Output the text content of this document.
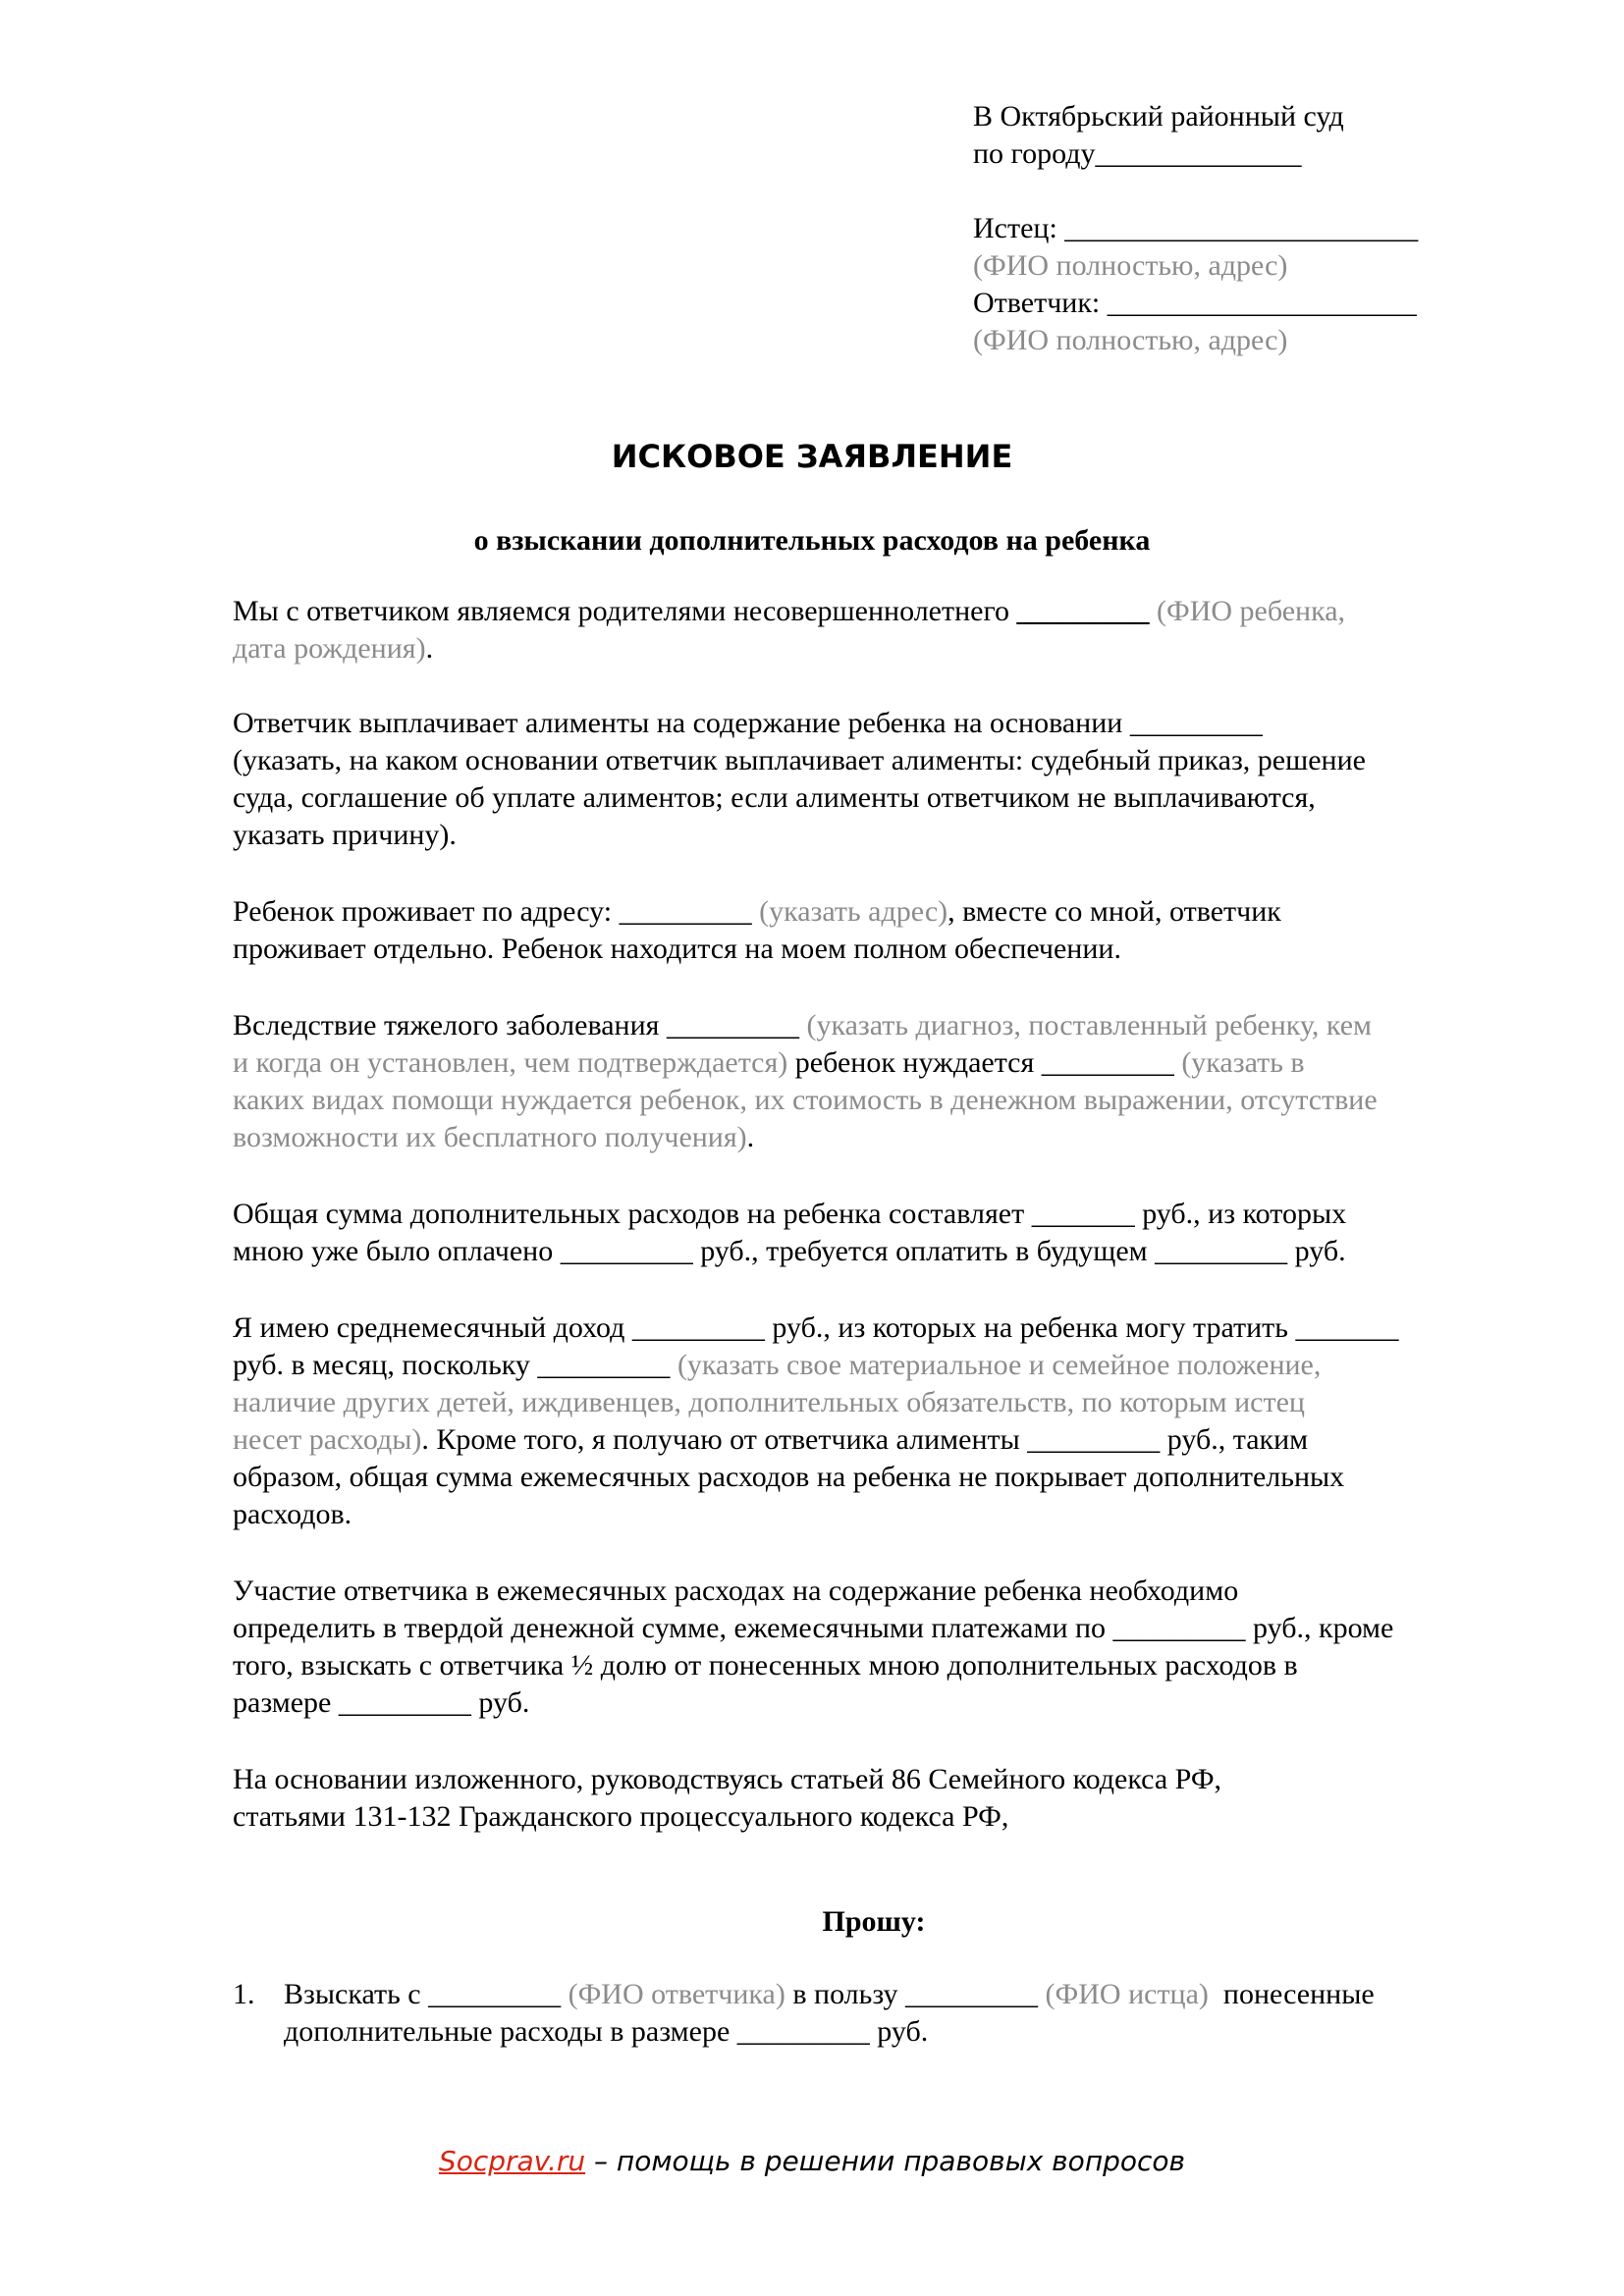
В Октябрьский районный суд
по городу______________
Истец: ________________________
(ФИО полностью, адрес)
Ответчик: _____________________
(ФИО полностью, адрес)
ИСКОВОЕ ЗАЯВЛЕНИЕ
о взыскании дополнительных расходов на ребенка
Мы с ответчиком являемся родителями несовершеннолетнего _________ (ФИО ребенка,
дата рождения).
Ответчик выплачивает алименты на содержание ребенка на основании _________
(указать, на каком основании ответчик выплачивает алименты: судебный приказ, решение
суда, соглашение об уплате алиментов; если алименты ответчиком не выплачиваются,
указать причину).
Ребенок проживает по адресу: _________ (указать адрес), вместе со мной, ответчик
проживает отдельно. Ребенок находится на моем полном обеспечении.
Вследствие тяжелого заболевания _________ (указать диагноз, поставленный ребенку, кем
и когда он установлен, чем подтверждается) ребенок нуждается _________ (указать в
каких видах помощи нуждается ребенок, их стоимость в денежном выражении, отсутствие
возможности их бесплатного получения).
Общая сумма дополнительных расходов на ребенка составляет _______ руб., из которых
мною уже было оплачено _________ руб., требуется оплатить в будущем _________ руб.
Я имею среднемесячный доход _________ руб., из которых на ребенка могу тратить _______
руб. в месяц, поскольку _________ (указать свое материальное и семейное положение,
наличие других детей, иждивенцев, дополнительных обязательств, по которым истец
несет расходы). Кроме того, я получаю от ответчика алименты _________ руб., таким
образом, общая сумма ежемесячных расходов на ребенка не покрывает дополнительных
расходов.
Участие ответчика в ежемесячных расходах на содержание ребенка необходимо
определить в твердой денежной сумме, ежемесячными платежами по _________ руб., кроме
того, взыскать с ответчика ½ долю от понесенных мною дополнительных расходов в
размере _________ руб.
На основании изложенного, руководствуясь статьей 86 Семейного кодекса РФ,
статьями 131-132 Гражданского процессуального кодекса РФ,
Прошу:
1. Взыскать с _________ (ФИО ответчика) в пользу _________ (ФИО истца)  понесенные
дополнительные расходы в размере _________ руб.
Socprav.ru – помощь в решении правовых вопросов
